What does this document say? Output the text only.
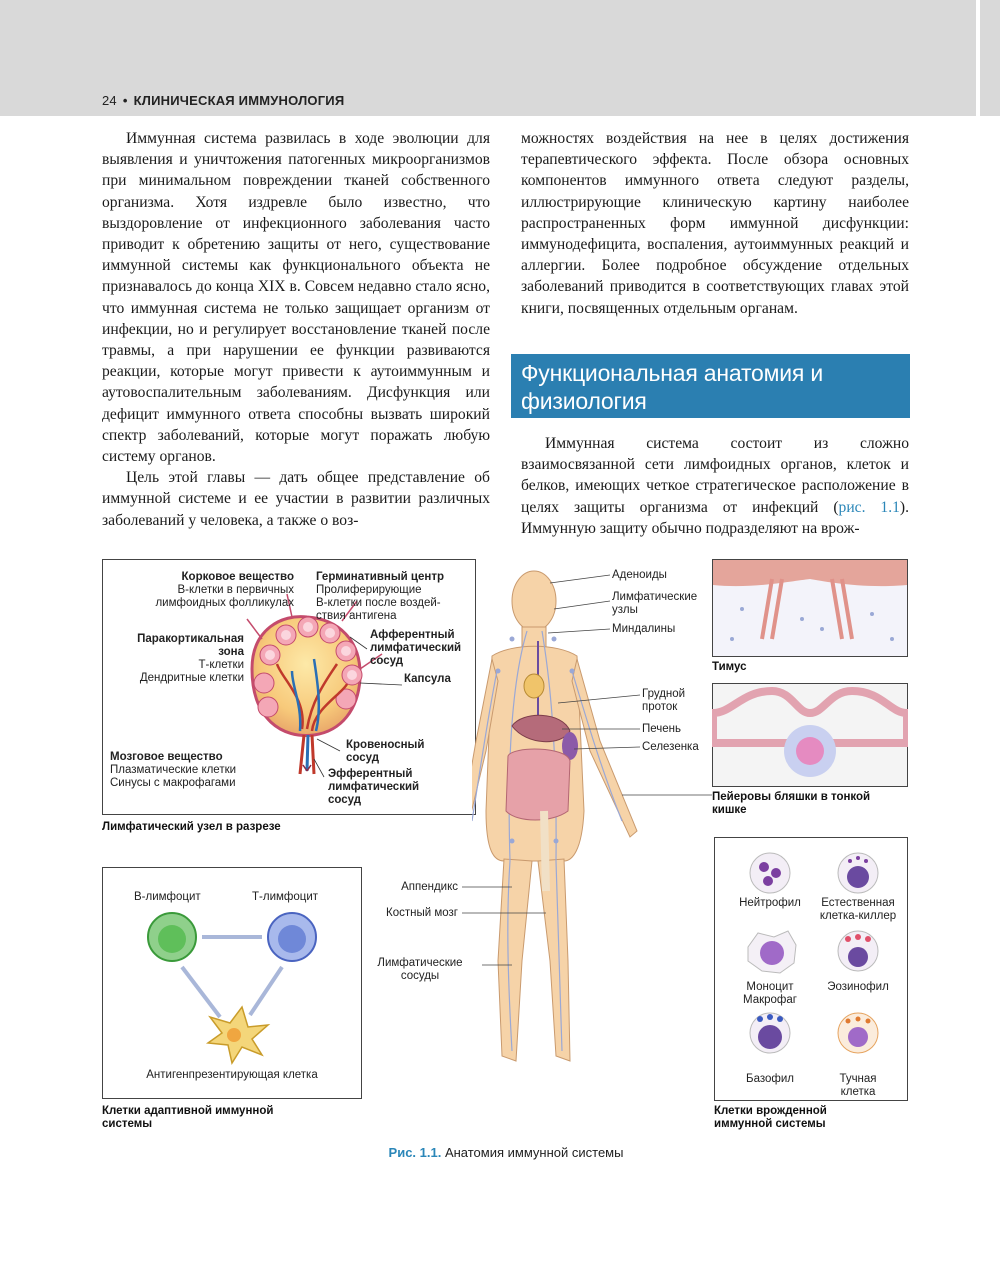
24 • КЛИНИЧЕСКАЯ ИММУНОЛОГИЯ

Иммунная система развилась в ходе эволюции для выявления и уничтожения патогенных микроорганизмов при минимальном повреждении тканей собственного организма. Хотя издревле было известно, что выздоровление от инфекционного заболевания часто приводит к обретению защиты от него, существование иммунной системы как функционального объекта не признавалось до конца XIX в. Совсем недавно стало ясно, что иммунная система не только защищает организм от инфекции, но и регулирует восстановление тканей после травмы, а при нарушении ее функции развиваются реакции, которые могут привести к аутоиммунным и аутовоспалительным заболеваниям. Дисфункция или дефицит иммунного ответа способны вызвать широкий спектр заболеваний, которые могут поражать любую систему органов.

Цель этой главы — дать общее представление об иммунной системе и ее участии в развитии различных заболеваний у человека, а также о воз-

можностях воздействия на нее в целях достижения терапевтического эффекта. После обзора основных компонентов иммунного ответа следуют разделы, иллюстрирующие клиническую картину наиболее распространенных форм иммунной дисфункции: иммунодефицита, воспаления, аутоиммунных реакций и аллергии. Более подробное обсуждение отдельных заболеваний приводится в соответствующих главах этой книги, посвященных отдельным органам.

Функциональная анатомия и физиология

Иммунная система состоит из сложно взаимосвязанной сети лимфоидных органов, клеток и белков, имеющих четкое стратегическое расположение в целях защиты организма от инфекций (рис. 1.1). Иммунную защиту обычно подразделяют на врож-

Корковое вещество
В-клетки в первичных
лимфоидных фолликулах
Герминативный центр
Пролиферирующие
В-клетки после воздей-
ствия антигена
Паракортикальная
зона
Т-клетки
Дендритные клетки
Афферентный
лимфатический
сосуд
Капсула
Мозговое вещество
Плазматические клетки
Синусы с макрофагами
Кровеносный
сосуд
Эфферентный
лимфатический
сосуд
Лимфатический узел в разрезе
Аденоиды
Лимфатические
узлы
Миндалины
Грудной
проток
Печень
Селезенка
Аппендикс
Костный мозг
Лимфатические
сосуды
Тимус
Пейеровы бляшки в тонкой
кишке
В-лимфоцит	Т-лимфоцит
Антигенпрезентирующая клетка
Клетки адаптивной иммунной
системы
Нейтрофил	Естественная
клетка-киллер
Моноцит
Макрофаг
Эозинофил
Базофил	Тучная
клетка
Клетки врожденной
иммунной системы
Рис. 1.1. Анатомия иммунной системы
